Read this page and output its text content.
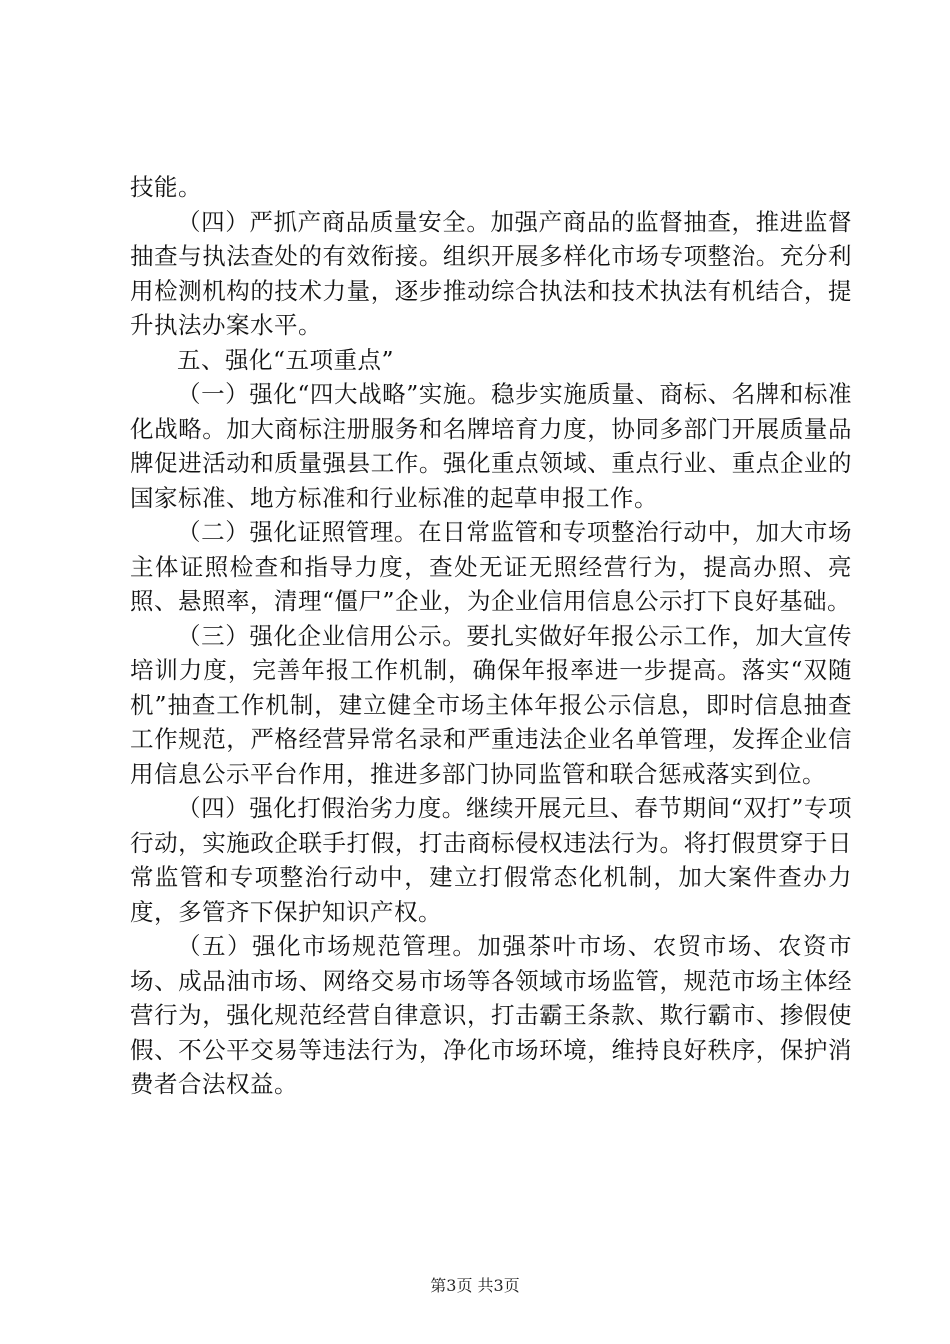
技能。

（四）严抓产商品质量安全。加强产商品的监督抽查，推进监督抽查与执法查处的有效衔接。组织开展多样化市场专项整治。充分利用检测机构的技术力量，逐步推动综合执法和技术执法有机结合，提升执法办案水平。

五、强化“五项重点”

（一）强化“四大战略”实施。稳步实施质量、商标、名牌和标准化战略。加大商标注册服务和名牌培育力度，协同多部门开展质量品牌促进活动和质量强县工作。强化重点领域、重点行业、重点企业的国家标准、地方标准和行业标准的起草申报工作。

（二）强化证照管理。在日常监管和专项整治行动中，加大市场主体证照检查和指导力度，查处无证无照经营行为，提高办照、亮照、悬照率，清理“僵尸”企业，为企业信用信息公示打下良好基础。

（三）强化企业信用公示。要扎实做好年报公示工作，加大宣传培训力度，完善年报工作机制，确保年报率进一步提高。落实“双随机”抽查工作机制，建立健全市场主体年报公示信息，即时信息抽查工作规范，严格经营异常名录和严重违法企业名单管理，发挥企业信用信息公示平台作用，推进多部门协同监管和联合惩戒落实到位。

（四）强化打假治劣力度。继续开展元旦、春节期间“双打”专项行动，实施政企联手打假，打击商标侵权违法行为。将打假贯穿于日常监管和专项整治行动中，建立打假常态化机制，加大案件查办力度，多管齐下保护知识产权。

（五）强化市场规范管理。加强茶叶市场、农贸市场、农资市场、成品油市场、网络交易市场等各领域市场监管，规范市场主体经营行为，强化规范经营自律意识，打击霸王条款、欺行霸市、掺假使假、不公平交易等违法行为，净化市场环境，维持良好秩序，保护消费者合法权益。

第3页 共3页
